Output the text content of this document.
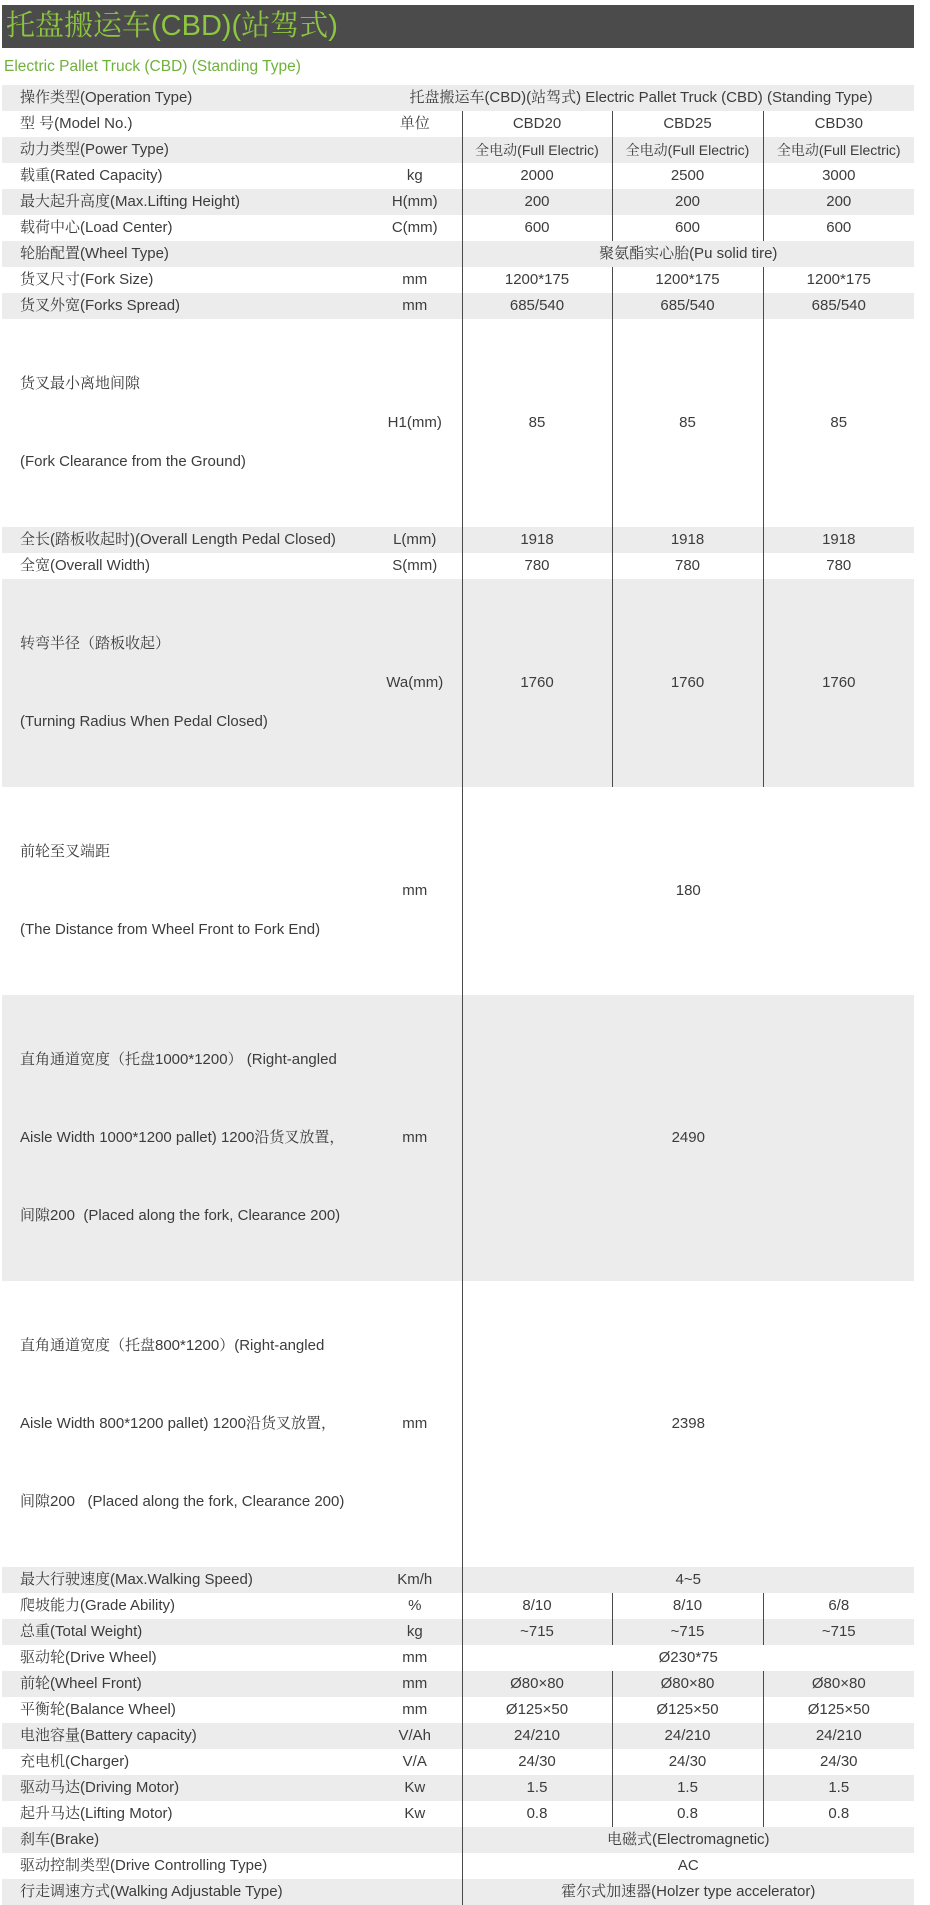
托盘搬运车(CBD)(站驾式)
Electric Pallet Truck (CBD) (Standing Type)
操作类型(Operation Type)	托盘搬运车(CBD)(站驾式) Electric Pallet Truck (CBD) (Standing Type)			
型 号(Model No.)	单位	CBD20	CBD25	CBD30
动力类型(Power Type)		全电动(Full Electric)	全电动(Full Electric)	全电动(Full Electric)
载重(Rated Capacity)	kg	2000	2500	3000
最大起升高度(Max.Lifting Height)	H(mm)	200	200	200
载荷中心(Load Center)	C(mm)	600	600	600
轮胎配置(Wheel Type)		聚氨酯实心胎(Pu solid tire)		
货叉尺寸(Fork Size)	mm	1200*175	1200*175	1200*175
货叉外宽(Forks Spread)	mm	685/540	685/540	685/540

货叉最小离地间隙

(Fork Clearance from the Ground)	H1(mm)	85	85	85
全长(踏板收起时)(Overall Length Pedal Closed)	L(mm)	1918	1918	1918
全宽(Overall Width)	S(mm)	780	780	780

转弯半径（踏板收起）

(Turning Radius When Pedal Closed)	Wa(mm)	1760	1760	1760

前轮至叉端距

(The Distance from Wheel Front to Fork End)	mm	180		

直角通道宽度（托盘1000*1200） (Right-angled

Aisle Width 1000*1200 pallet) 1200沿货叉放置，

间隙200  (Placed along the fork, Clearance 200)	mm	2490		

直角通道宽度（托盘800*1200）(Right-angled

Aisle Width 800*1200 pallet) 1200沿货叉放置，

间隙200   (Placed along the fork, Clearance 200)	mm	2398		
最大行驶速度(Max.Walking Speed)	Km/h	4~5		
爬坡能力(Grade Ability)	%	8/10	8/10	6/8
总重(Total Weight)	kg	~715	~715	~715
驱动轮(Drive Wheel)	mm	Ø230*75		
前轮(Wheel Front)	mm	Ø80×80	Ø80×80	Ø80×80
平衡轮(Balance Wheel)	mm	Ø125×50	Ø125×50	Ø125×50
电池容量(Battery capacity)	V/Ah	24/210	24/210	24/210
充电机(Charger)	V/A	24/30	24/30	24/30
驱动马达(Driving Motor)	Kw	1.5	1.5	1.5
起升马达(Lifting Motor)	Kw	0.8	0.8	0.8
刹车(Brake)		电磁式(Electromagnetic)		
驱动控制类型(Drive Controlling Type)		AC		
行走调速方式(Walking Adjustable Type)		霍尔式加速器(Holzer type accelerator)		
